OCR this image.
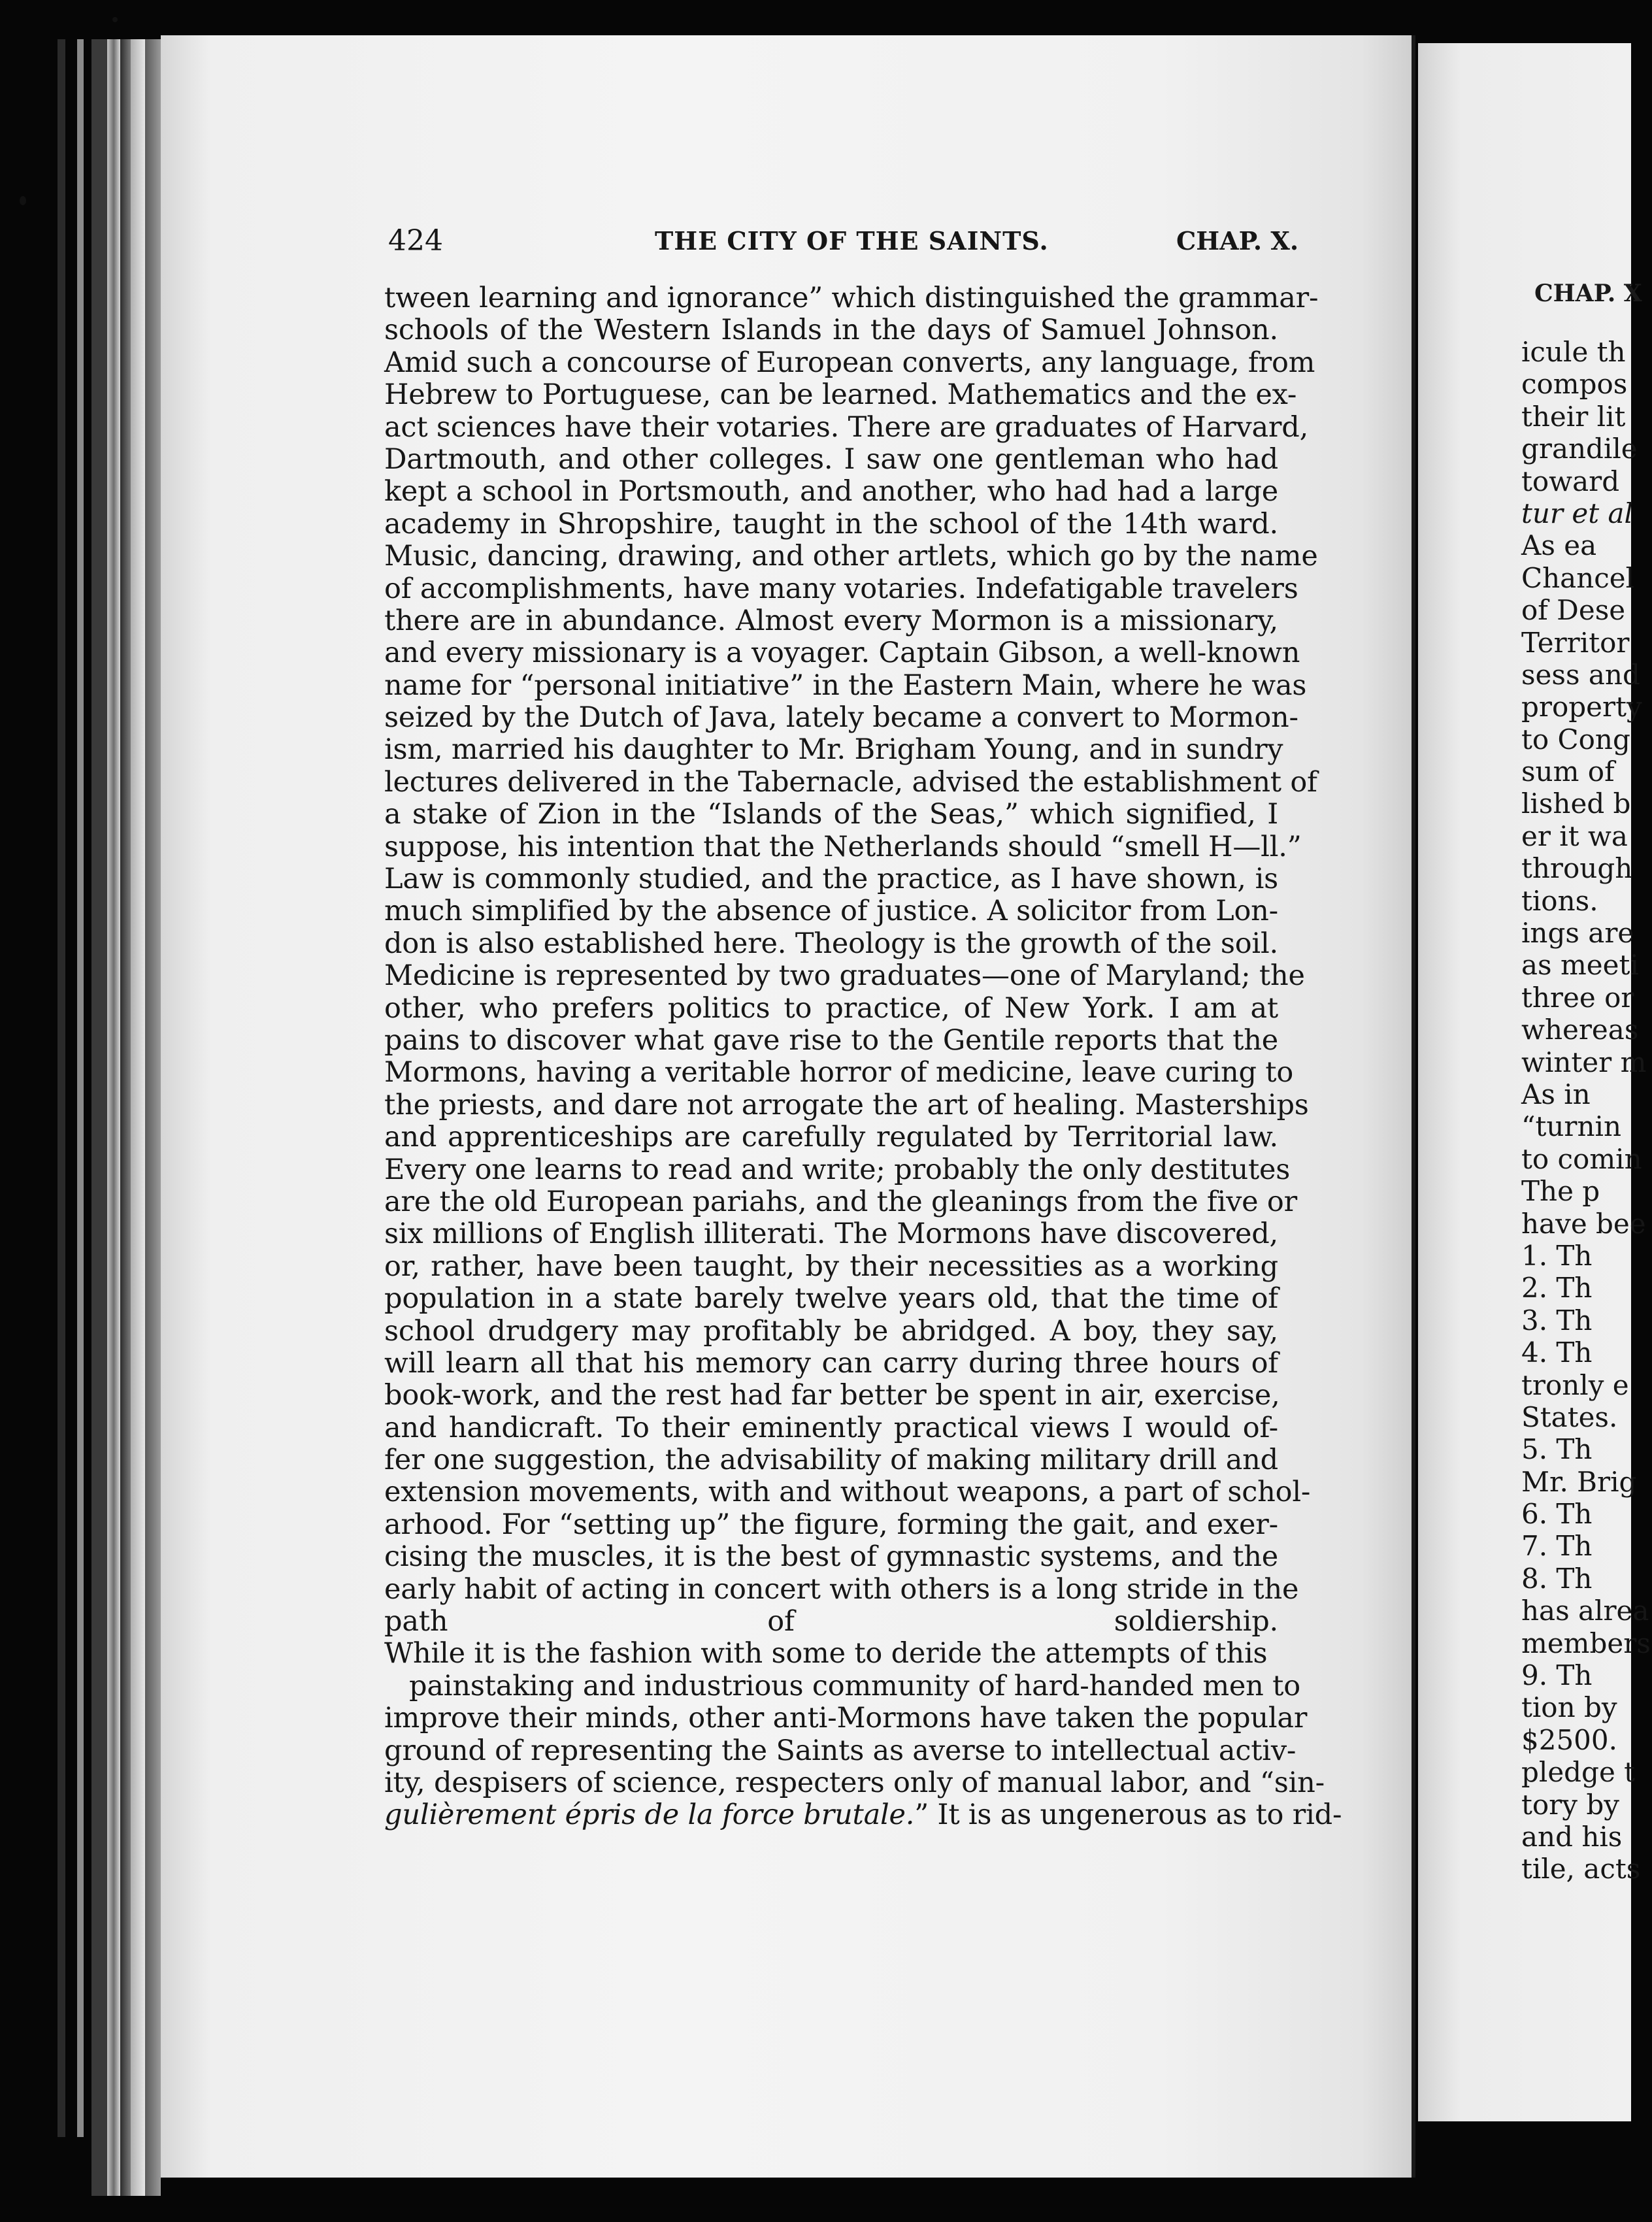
CHAP. X
icule th
compos
their lit
grandile
toward
tur et al
As ea
Chancel
of Dese
Territor
sess and
property
to Cong
sum of
lished b
er it wa
through
tions.
ings are
as meeti
three or
whereas
winter m
As in
“turnin
to comin
The p
have bee
1. Th
2. Th
3. Th
4. Th
tronly e
States.
5. Th
Mr. Brig
6. Th
7. Th
8. Th
has alrea
members
9. Th
tion by
$2500.
pledge t
tory by
and his
tile, acts
424	THE CITY OF THE SAINTS.	CHAP. X.
tween learning and ignorance” which distinguished the grammar-
schools of the Western Islands in the days of Samuel Johnson.
Amid such a concourse of European converts, any language, from
Hebrew to Portuguese, can be learned. Mathematics and the ex-
act sciences have their votaries. There are graduates of Harvard,
Dartmouth, and other colleges. I saw one gentleman who had
kept a school in Portsmouth, and another, who had had a large
academy in Shropshire, taught in the school of the 14th ward.
Music, dancing, drawing, and other artlets, which go by the name
of accomplishments, have many votaries. Indefatigable travelers
there are in abundance. Almost every Mormon is a missionary,
and every missionary is a voyager. Captain Gibson, a well-known
name for “personal initiative” in the Eastern Main, where he was
seized by the Dutch of Java, lately became a convert to Mormon-
ism, married his daughter to Mr. Brigham Young, and in sundry
lectures delivered in the Tabernacle, advised the establishment of
a stake of Zion in the “Islands of the Seas,” which signified, I
suppose, his intention that the Netherlands should “smell H—ll.”
Law is commonly studied, and the practice, as I have shown, is
much simplified by the absence of justice. A solicitor from Lon-
don is also established here. Theology is the growth of the soil.
Medicine is represented by two graduates—one of Maryland; the
other, who prefers politics to practice, of New York. I am at
pains to discover what gave rise to the Gentile reports that the
Mormons, having a veritable horror of medicine, leave curing to
the priests, and dare not arrogate the art of healing. Masterships
and apprenticeships are carefully regulated by Territorial law.
Every one learns to read and write; probably the only destitutes
are the old European pariahs, and the gleanings from the five or
six millions of English illiterati. The Mormons have discovered,
or, rather, have been taught, by their necessities as a working
population in a state barely twelve years old, that the time of
school drudgery may profitably be abridged. A boy, they say,
will learn all that his memory can carry during three hours of
book-work, and the rest had far better be spent in air, exercise,
and handicraft. To their eminently practical views I would of-
fer one suggestion, the advisability of making military drill and
extension movements, with and without weapons, a part of schol-
arhood. For “setting up” the figure, forming the gait, and exer-
cising the muscles, it is the best of gymnastic systems, and the
early habit of acting in concert with others is a long stride in the
path of soldiership.
While it is the fashion with some to deride the attempts of this
painstaking and industrious community of hard-handed men to
improve their minds, other anti-Mormons have taken the popular
ground of representing the Saints as averse to intellectual activ-
ity, despisers of science, respecters only of manual labor, and “sin-
gulièrement épris de la force brutale.” It is as ungenerous as to rid-
